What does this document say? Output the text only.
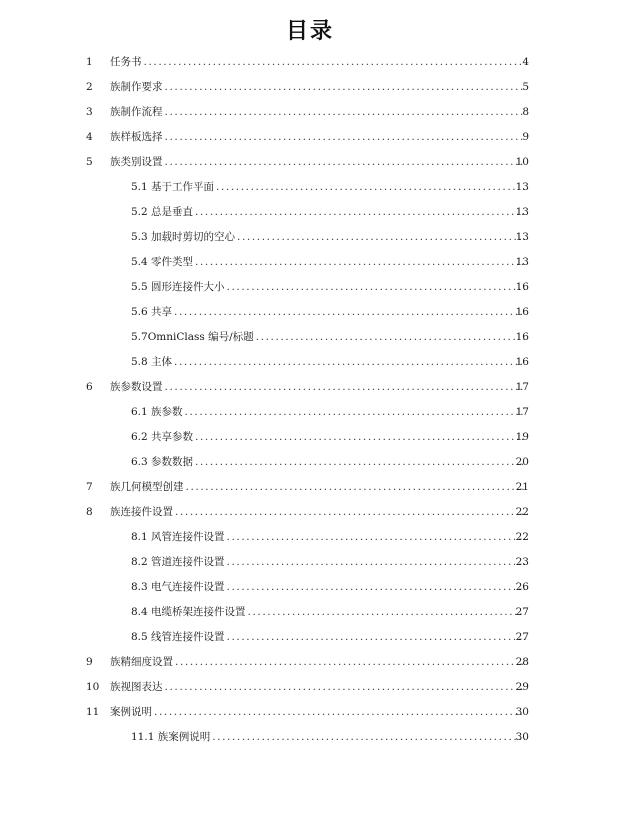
目录
1	任务书 .....	4
2	族制作要求 .....	5
3	族制作流程 .....	8
4	族样板选择 .....	9
5	族类别设置 .....	10
5.1 基于工作平面 .....	13
5.2 总是垂直 .....	13
5.3 加载时剪切的空心 .....	13
5.4 零件类型 .....	13
5.5 圆形连接件大小 .....	16
5.6 共享 .....	16
5.7OmniClass 编号/标题 .....	16
5.8 主体 .....	16
6	族参数设置 .....	17
6.1 族参数 .....	17
6.2 共享参数 .....	19
6.3 参数数据 .....	20
7	族几何模型创建 .....	21
8	族连接件设置 .....	22
8.1 风管连接件设置 .....	22
8.2 管道连接件设置 .....	23
8.3 电气连接件设置 .....	26
8.4 电缆桥架连接件设置 .....	27
8.5 线管连接件设置 .....	27
9	族精细度设置 .....	28
10	族视图表达 .....	29
11	案例说明 .....	30
11.1 族案例说明 .....	30
